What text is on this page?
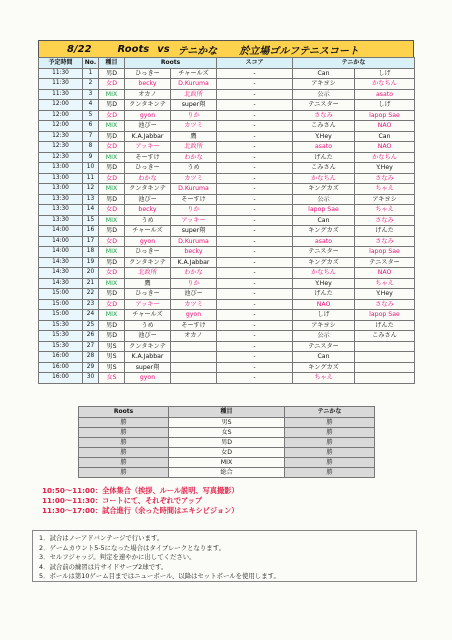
8/22	Roots vs テニかな 於立場ゴルフテニスコート
予定時間	No.	種目	Roots		スコア	テニかな	
11:30	1	男D	ひっきー	チャールズ	-	Can	しげ
11:30	2	女D	becky	D.Kuruma	-	アキヨシ	かなちん
11:30	3	MIX	オカノ	北政所	-	公示	asato
12:00	4	男D	クンタキンテ	super翔	-	テニスター	しげ
12:00	5	女D	gyon	りか	-	さなみ	lapop Sae
12:00	6	MIX	池ぴー	カツミ	-	こみさん	NAO
12:30	7	男D	K.A.Jabbar	鷹	-	Y.Hey	Can
12:30	8	女D	アッキー	北政所	-	asato	NAO
12:30	9	MIX	そーすけ	わかな	-	げんた	かなちん
13:00	10	男D	ひっきー	うめ	-	こみさん	Y.Hey
13:00	11	女D	わかな	カツミ	-	かなちん	さなみ
13:00	12	MIX	クンタキンテ	D.Kuruma	-	キングカズ	ちゃえ
13:30	13	男D	池ぴー	そーすけ	-	公示	アキヨシ
13:30	14	女D	becky	りか	-	lapop Sae	ちゃえ
13:30	15	MIX	うめ	アッキー	-	Can	さなみ
14:00	16	男D	チャールズ	super翔	-	キングカズ	げんた
14:00	17	女D	gyon	D.Kuruma	-	asato	さなみ
14:00	18	MIX	ひっきー	becky	-	テニスター	lapop Sae
14:30	19	男D	クンタキンテ	K.A.Jabbar	-	キングカズ	テニスター
14:30	20	女D	北政所	わかな	-	かなちん	NAO
14:30	21	MIX	鷹	りか	-	Y.Hey	ちゃえ
15:00	22	男D	ひっきー	池ぴー	-	げんた	Y.Hey
15:00	23	女D	アッキー	カツミ	-	NAO	さなみ
15:00	24	MIX	チャールズ	gyon	-	しげ	lapop Sae
15:30	25	男D	うめ	そーすけ	-	アキヨシ	げんた
15:30	26	男D	池ぴー	オカノ	-	公示	こみさん
15:30	27	男S	クンタキンテ		-	テニスター	
16:00	28	男S	K.A.Jabbar		-	Can	
16:00	29	男S	super翔		-	キングカズ	
16:00	30	女S	gyon		-	ちゃえ	
Roots	種目	テニかな
勝	男S	勝
勝	女S	勝
勝	男D	勝
勝	女D	勝
勝	MIX	勝
勝	総合	勝
10:50～11:00：全体集合（挨拶、ルール説明、写真撮影）
11:00～11:30：コートにて、それぞれでアップ
11:30～17:00：試合進行（余った時間はエキシビジョン）
1．試合はノーアドバンテージで行います。
2．ゲームカウント5-5になった場合はタイブレークとなります。
3．セルフジャッジ。判定を速やかに出してください。
4．試合前の練習は片サイドサーブ2球です。
5．ボールは第10ゲーム目まではニューボール、以降はセットボールを使用します。
